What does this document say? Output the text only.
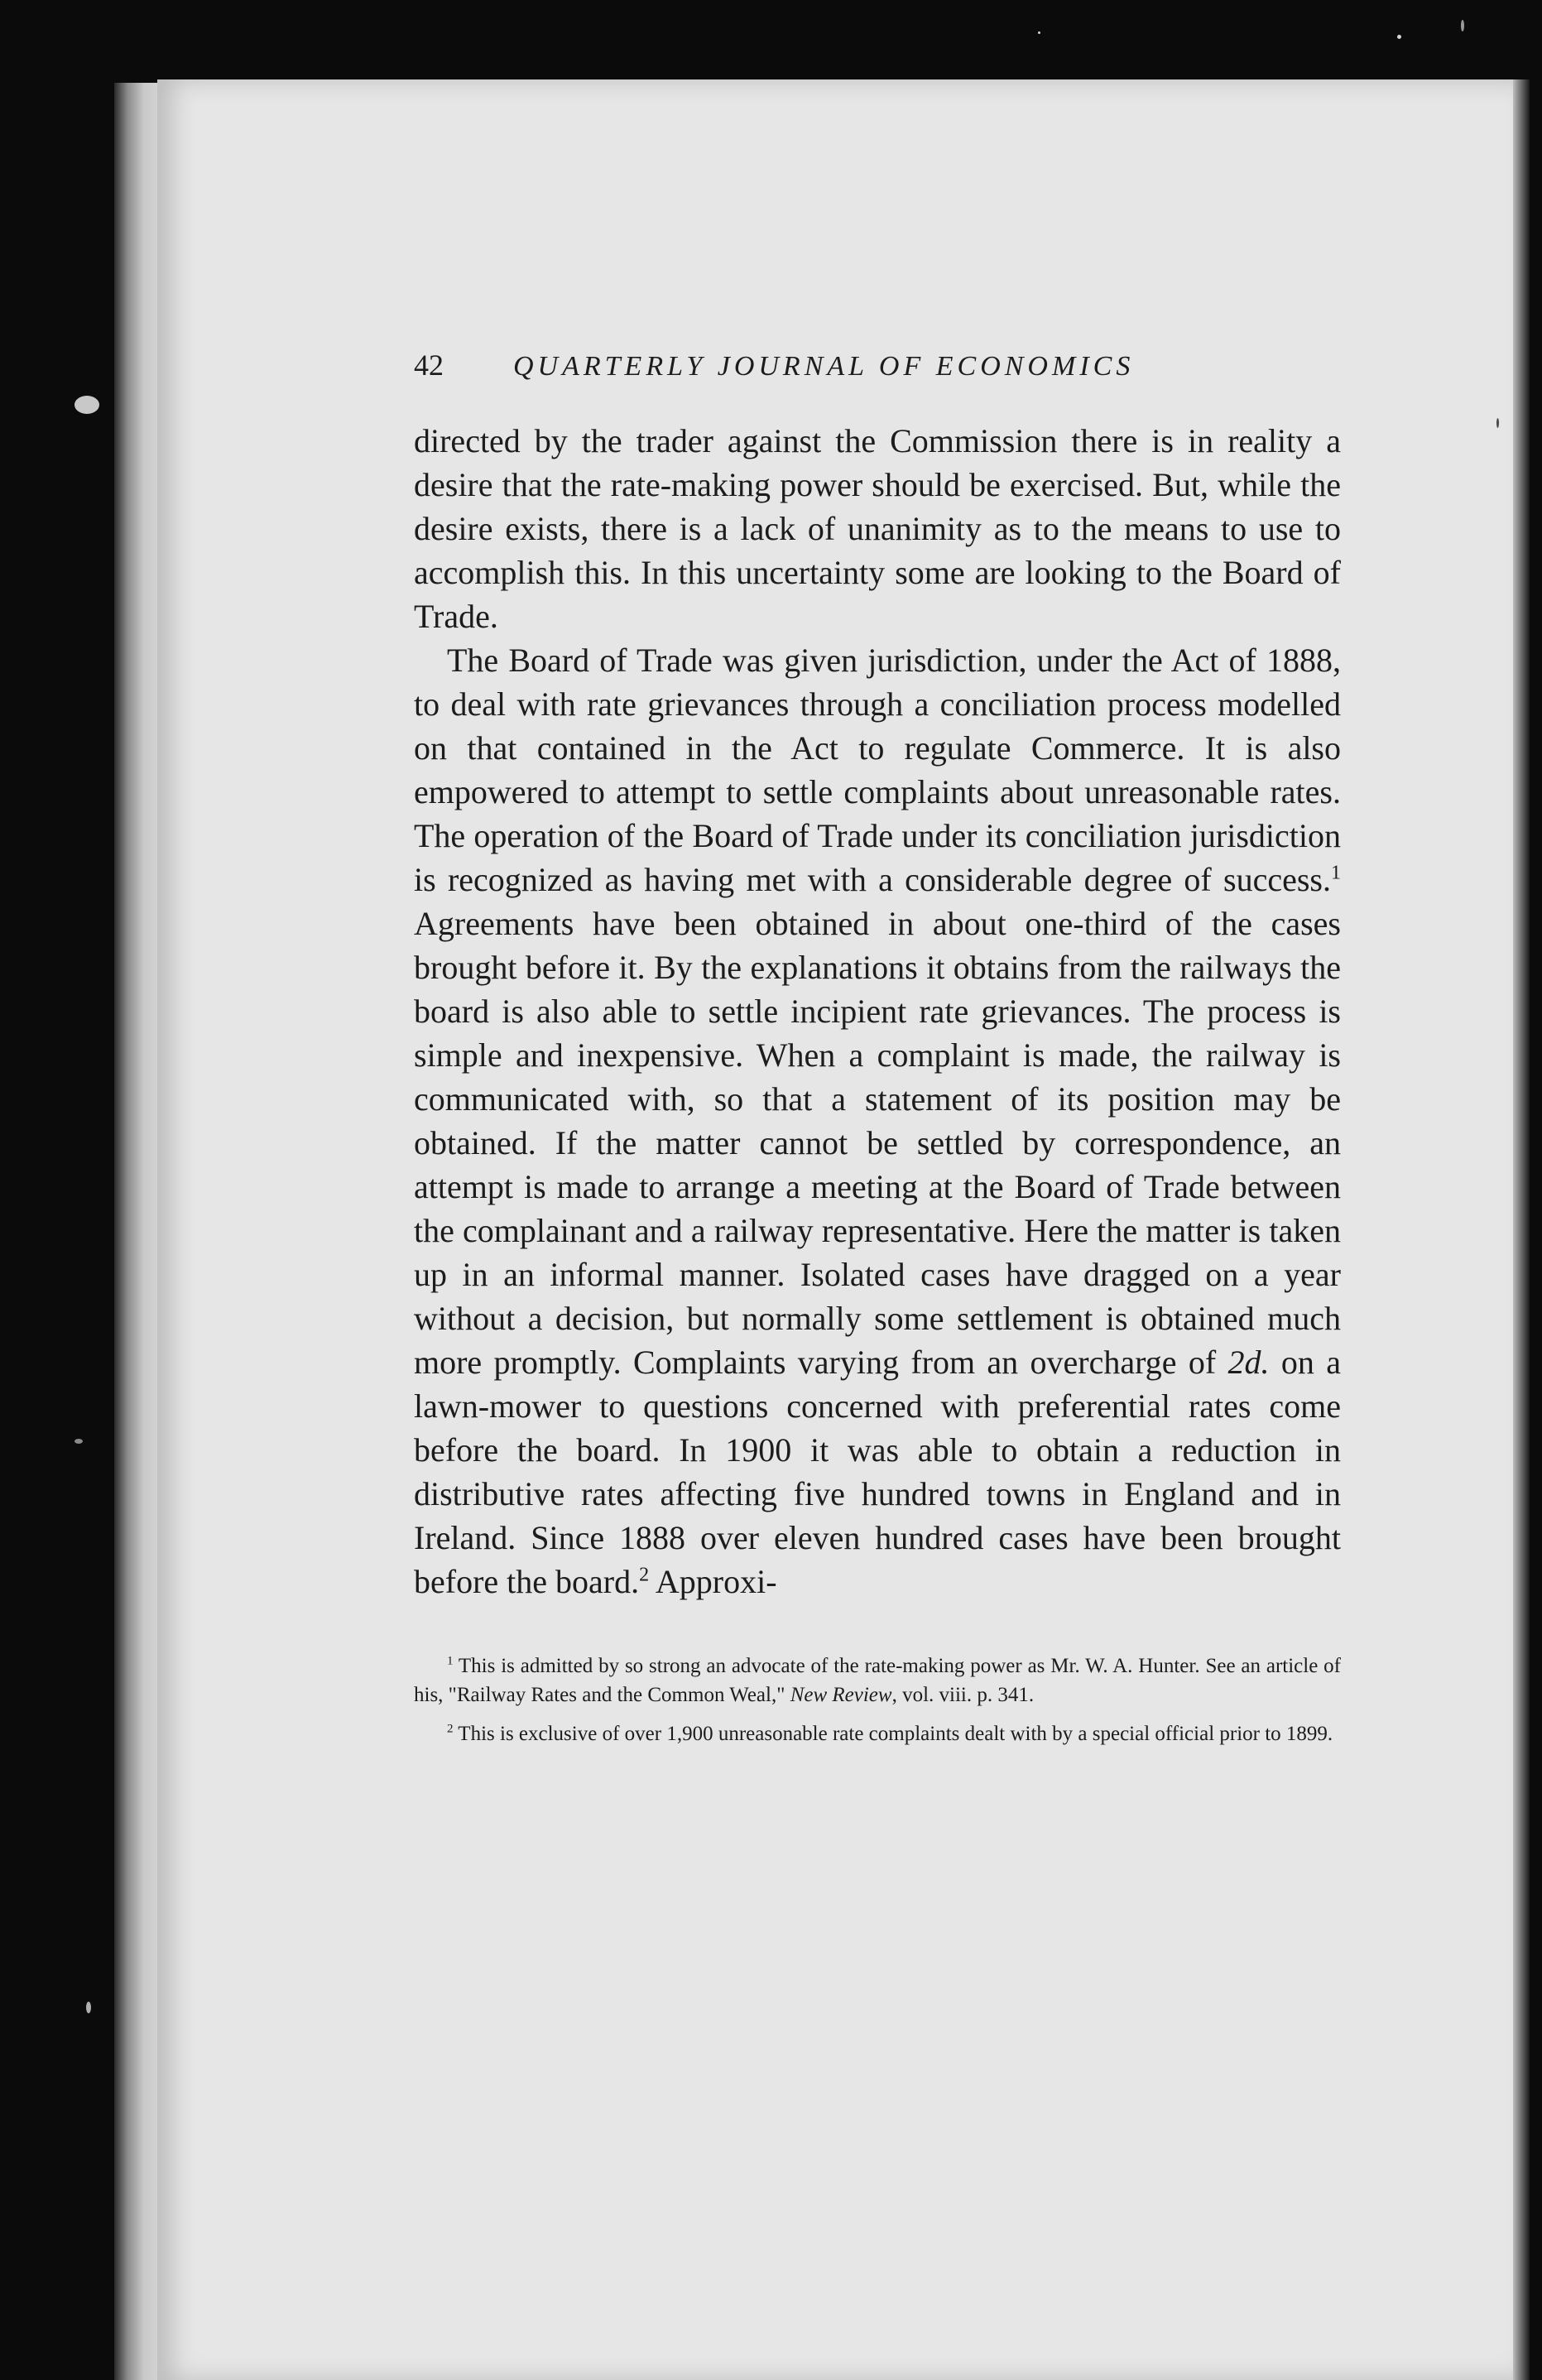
42	QUARTERLY JOURNAL OF ECONOMICS

directed by the trader against the Commission there is in reality a desire that the rate-making power should be exercised. But, while the desire exists, there is a lack of unanimity as to the means to use to accomplish this. In this uncertainty some are looking to the Board of Trade.

The Board of Trade was given jurisdiction, under the Act of 1888, to deal with rate grievances through a conciliation process modelled on that contained in the Act to regulate Commerce. It is also empowered to attempt to settle complaints about unreasonable rates. The operation of the Board of Trade under its conciliation jurisdiction is recognized as having met with a considerable degree of success.$^1$ Agreements have been obtained in about one-third of the cases brought before it. By the explanations it obtains from the railways the board is also able to settle incipient rate grievances. The process is simple and inexpensive. When a complaint is made, the railway is communicated with, so that a statement of its position may be obtained. If the matter cannot be settled by correspondence, an attempt is made to arrange a meeting at the Board of Trade between the complainant and a railway representative. Here the matter is taken up in an informal manner. Isolated cases have dragged on a year without a decision, but normally some settlement is obtained much more promptly. Complaints varying from an overcharge of 2d. on a lawn-mower to questions concerned with preferential rates come before the board. In 1900 it was able to obtain a reduction in distributive rates affecting five hundred towns in England and in Ireland. Since 1888 over eleven hundred cases have been brought before the board.$^2$ Approxi-

$^1$ This is admitted by so strong an advocate of the rate-making power as Mr. W. A. Hunter. See an article of his, "Railway Rates and the Common Weal," New Review, vol. viii. p. 341.

$^2$ This is exclusive of over 1,900 unreasonable rate complaints dealt with by a special official prior to 1899.
